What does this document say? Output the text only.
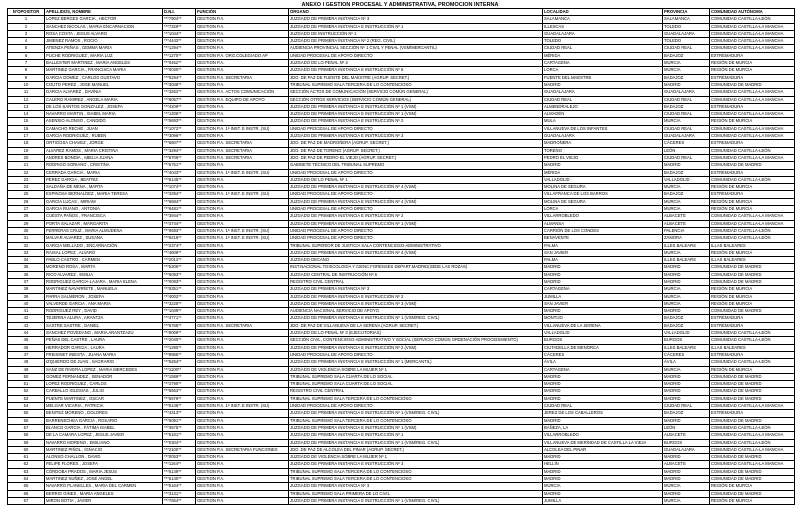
ANEXO I GESTION PROCESAL Y ADMINISTRATIVA, PROMOCION INTERNA
NºOPOSITOR	APELLIDOS, NOMBRE	D.N.I.	FUNCIÓN	ÓRGANO	LOCALIDAD	PROVINCIA	COMUNIDAD AUTÓNOMA
1	LOPEZ BERGES GARCIA , HECTOR	***7904**	GESTION P.A.	JUZGADO DE PRIMERA INSTANCIA Nº 3	SALAMANCA	SALAMANCA	COMUNIDAD CASTILLA-LEÓN
2	SANCHEZ NICOLAS , MARIA ENCARNACION	***7329**	GESTION P.A.	JUZGADO DE PRIMERA INSTANCIA E INSTRUCCIÓN Nº 1	ILLESCAS	TOLEDO	COMUNIDAD CASTILLA-LA MANCHA
3	ROSA COSTA , JESUS ALVARO	***1044**	GESTION P.A.	JUZGADO DE INSTRUCCIÓN Nº 1	GUADALAJARA	GUADALAJARA	COMUNIDAD CASTILLA-LA MANCHA
4	JIMENEZ RAMOS , ROCIO	***4443**	GESTION P.A.	JUZGADO DE PRIMERA INSTANCIA Nº 2 (REG. CIVIL)	TOLEDO	TOLEDO	COMUNIDAD CASTILLA-LA MANCHA
5	ATIENZA PEÑAS , GEMMA MARIA	***1294**	GESTION P.A.	AUDIENCIA PROVINCIAL SECCIÓN Nº 1 CIVIL Y PENAL (VSM/MERCANTIL)	CIUDAD REAL	CIUDAD REAL	COMUNIDAD CASTILLA-LA MANCHA
6	PUCHE RODRIGUEZ , MARIA LUZ	***1270**	GESTION P.A. ORG.COLEGIADO AP	UNIDAD PROCESAL DE APOYO DIRECTO	MÉRIDA	BADAJOZ	EXTREMADURA
7	BALLESTER MARTINEZ , MARIA ANGELES	***0452**	GESTION P.A.	JUZGADO DE LO PENAL Nº 3	CARTAGENA	MURCIA	REGIÓN DE MURCIA
8	MARTINEZ GARCIA , FRANCISCA MARIA	***0030**	GESTION P.A.	JUZGADO DE PRIMERA INSTANCIA E INSTRUCCIÓN Nº 6	LORCA	MURCIA	REGIÓN DE MURCIA
9	GARCIA GOMEZ , CARLOS GUSTAVO	***0294**	GESTION P.A. SECRETARIA	JDO. DE PAZ DE FUENTE DEL MAESTRE (AGRUP. SECRET.)	FUENTE DEL MAESTRE	BADAJOZ	EXTREMADURA
10	COUTO PEREZ , JOSE MANUEL	***3048**	GESTION P.A.	TRIBUNAL SUPREMO SALA TERCERA DE LO CONTENCIOSO	MADRID	MADRID	COMUNIDAD DE MADRID
11	GARCIA ALVAREZ , DAVINIA	***3262**	GESTION P.A. ACTOS COMUNICACIÓN	SECCIÓN ACTOS DE COMUNICACIÓN (SERVICIO COMÚN GENERAL)	GUADALAJARA	GUADALAJARA	COMUNIDAD CASTILLA-LA MANCHA
12	CALERO RAMIREZ , ANGELA MARIA	***6057**	GESTION P.A. EQUIPO DE APOYO	SECCIÓN OTROS SERVICIOS (SERVICIO COMÚN GENERAL)	CIUDAD REAL	CIUDAD REAL	COMUNIDAD CASTILLA-LA MANCHA
13	DE LOS SANTOS GONZALEZ , JOSEFA	***4209**	GESTION P.A.	JUZGADO DE PRIMERA INSTANCIA E INSTRUCCIÓN Nº 1 (VSM)	ALMENDRALEJO	BADAJOZ	EXTREMADURA
14	NAVARRO MARTIN , ISABEL MARIA	***1206**	GESTION P.A.	JUZGADO DE PRIMERA INSTANCIA E INSTRUCCIÓN Nº 1 (VSM)	ALMADÉN	CIUDAD REAL	COMUNIDAD CASTILLA-LA MANCHA
15	ASENSIO ALONSO , CANDIDO	***5693**	GESTION P.A.	JUZGADO DE PRIMERA INSTANCIA E INSTRUCCIÓN Nº 2	MULA	MURCIA	REGIÓN DE MURCIA
16	CAMACHO RECHE , JUAN	***1072**	GESTION P.A. 1ª INST. E INSTR. (SU)	UNIDAD PROCESAL DE APOYO DIRECTO	VILLANUEVA DE LOS INFANTES	CIUDAD REAL	COMUNIDAD CASTILLA-LA MANCHA
17	GARCIA RODRIGUEZ , RUBEN	***3096**	GESTION P.A.	JUZGADO DE PRIMERA INSTANCIA E INSTRUCCIÓN Nº 3	GUADALAJARA	GUADALAJARA	COMUNIDAD CASTILLA-LA MANCHA
18	ORTIGOSA CHAVEZ , JORGE	***6607**	GESTION P.A. SECRETARIA	JDO. DE PAZ DE MADROÑERA (AGRUP. SECRET.)	MADROÑERA	CÁCERES	EXTREMADURA
19	ALVAREZ RAMOS , MARIA CRISTINA	***3294**	GESTION P.A. SECRETARIA	JDO. DE PAZ DE TORENO (AGRUP. SECRET.)	TORENO	LEÓN	COMUNIDAD CASTILLA-LEÓN
20	ANDRES BONDIA , ABELIA JUANA	***6709**	GESTION P.A. SECRETARIA	JDO. DE PAZ DE PEDRO EL VIEJO (AGRUP. SECRET.)	PEDRO EL VIEJO	CIUDAD REAL	COMUNIDAD CASTILLA-LA MANCHA
21	RODRIGO SORIANO , CRISTINA	***6751**	GESTION P.A.	GABINETE TÉCNICO DEL TRIBUNAL SUPREMO	MADRID	MADRID	COMUNIDAD DE MADRID
22	CERRADA GARCIA , MARIA	***4043**	GESTION P.A. 1ª INST. E INSTR. (SU)	UNIDAD PROCESAL DE APOYO DIRECTO	MÉRIDA	BADAJOZ	EXTREMADURA
23	PEREZ GARCIA , BEATRIZ	***6145**	GESTION P.A.	JUZGADO DE LO PENAL Nº 1	VALLADOLID	VALLADOLID	COMUNIDAD CASTILLA-LEÓN
24	SALDAÑA DE MENA , MARTA	***1074**	GESTION P.A.	JUZGADO DE PRIMERA INSTANCIA E INSTRUCCIÓN Nº 4 (VSM)	MOLINA DE SEGURA	MURCIA	REGIÓN DE MURCIA
25	ESPINOSA BERNALDEZ , MARIA TERESA	***3394**	GESTION P.A. 1ª INST. E INSTR. (SU)	UNIDAD PROCESAL DE APOYO DIRECTO	VILLAFRANCA DE LOS BARROS	BADAJOZ	EXTREMADURA
26	GARCIA LUCAS , MIRIAM	***6684**	GESTION P.A.	JUZGADO DE PRIMERA INSTANCIA E INSTRUCCIÓN Nº 4 (VSM)	MOLINA DE SEGURA	MURCIA	REGIÓN DE MURCIA
27	GARCIA RUANO , ANTONIA	***6481**	GESTION P.A.	UNIDAD PROCESAL DE APOYO DIRECTO	LORCA	MURCIA	REGIÓN DE MURCIA
28	CUESTA PAÑOS , FRANCISCA	***3944**	GESTION P.A.	JUZGADO DE PRIMERA INSTANCIA E INSTRUCCIÓN Nº 2	VILLARROBLEDO	ALBACETE	COMUNIDAD CASTILLA-LA MANCHA
29	PORTA SALAZAR , MARGARITA	***3744**	GESTION P.A.	JUZGADO DE PRIMERA INSTANCIA E INSTRUCCIÓN Nº 1 (VSM)	ALMANSA	ALBACETE	COMUNIDAD CASTILLA-LA MANCHA
30	FERRERAS CRUZ , MARIA ALMUDENA	***0693**	GESTION P.A. 1ª INST. E INSTR. (SU)	UNIDAD PROCESAL DE APOYO DIRECTO	CARRIÓN DE LOS CONDES	PALENCIA	COMUNIDAD CASTILLA-LEÓN
31	MALVAR ALVAREZ , SUSANA	***6219**	GESTION P.A. 1ª INST. E INSTR. (SU)	UNIDAD PROCESAL DE APOYO DIRECTO	BENAVENTE	ZAMORA	COMUNIDAD CASTILLA-LEÓN
32	GARCIA MELLADO , ENCARNACIÓN	***2374**	GESTION P.A.	TRIBUNAL SUPERIOR DE JUSTICIA SALA CONTENCIOSO-ADMINISTRATIVO	PALMA	ILLES BALEARS	ILLAS BALEARES
33	RAISAL LOPEZ , ALVARO	***4609**	GESTION P.A.	JUZGADO DE PRIMERA INSTANCIA E INSTRUCCIÓN Nº 4 (VSM)	SAN JAVIER	MURCIA	REGIÓN DE MURCIA
34	PABLO CASTRO , CARMEN	***2012**	GESTION P.A.	JUZGADO DECANO	PALMA	ILLES BALEARS	ILLAS BALEARES
35	MORENO ROSA , MARTA	***5306**	GESTION P.A.	INST.NACIONAL TOXICOLOGÍA Y CIENC.FORENSES DEPART.MADRID(SEDE LAS ROZAS)	MADRID	MADRID	COMUNIDAD DE MADRID
36	RICO ALVAREZ , EMILIA	***5093**	GESTION P.A.	JUZGADO CENTRAL DE INSTRUCCIÓN Nº 6	MADRID	MADRID	COMUNIDAD DE MADRID
37	RODRIGUEZ GARCIA-LAJARA , MARIA ELENA	***0083**	GESTION P.A.	REGISTRO CIVIL CENTRAL	MADRID	MADRID	COMUNIDAD DE MADRID
38	MARTINEZ NAVARRETE , MANUELA	***5351**	GESTION P.A.	JUZGADO DE PRIMERA INSTANCIA Nº 3	CARTAGENA	MURCIA	REGIÓN DE MURCIA
39	PARRA SALMERON , JOSEFA	***4002**	GESTION P.A.	JUZGADO DE PRIMERA INSTANCIA E INSTRUCCIÓN Nº 2	JUMILLA	MURCIA	REGIÓN DE MURCIA
40	VALVERDE GARCIA , ANA MARIA	***3220**	GESTION P.A.	JUZGADO DE PRIMERA INSTANCIA E INSTRUCCIÓN Nº 3 (VSM)	SAN JAVIER	MURCIA	REGIÓN DE MURCIA
41	RODRIGUEZ REY , DAVID	***1049**	GESTION P.A.	AUDIENCIA NACIONAL SERVICIO DE APOYO	MADRID	MADRID	COMUNIDAD DE MADRID
42	TEJERINA ALURA , ARANTZA	***4771**	GESTION P.A.	JUZGADO DE PRIMERA INSTANCIA E INSTRUCCIÓN Nº 1 (VSM/REG. CIVIL)	MONTIJO	BADAJOZ	EXTREMADURA
43	SASTRE SASTRE , DANIEL	***6765**	GESTION P.A. SECRETARIA	JDO. DE PAZ DE VILLANUEVA DE LA SERENA (AGRUP. SECRET.)	VILLANUEVA DE LA SERENA	BADAJOZ	EXTREMADURA
44	SANCHEZ POVEDANO , MARIA ARANTZAZU	***9009**	GESTION P.A.	JUZGADO DE LO PENAL Nº 3 (EJECUTORIAS)	VALLADOLID	VALLADOLID	COMUNIDAD CASTILLA-LEÓN
45	PEÑAS DEL CASTRE , LAURA	***2040**	GESTION P.A.	SECCIÓN CIVIL, CONTENCIOSO-ADMINISTRATIVO Y SOCIAL (SERVICIO COMÚN ORDENACIÓN PROCEDIMIENTO)	BURGOS	BURGOS	COMUNIDAD CASTILLA-LEÓN
46	HERRADOR GARCIA , LAURA	***1290**	GESTION P.A.	JUZGADO DE PRIMERA INSTANCIA E INSTRUCCIÓN Nº 2 (VSM)	CIUTADELLA DE MENORCA	ILLES BALEARS	ILLAS BALEARES
47	FREIXINET INIESTA , JUANA MARIA	***9965**	GESTION P.A.	UNIDAD PROCESAL DE APOYO DIRECTO	CÁCERES	CÁCERES	EXTREMADURA
48	IZQUIERDO DE JUAN , SAGRARIO	***5264**	GESTION P.A.	JUZGADO DE PRIMERA INSTANCIA E INSTRUCCIÓN Nº 1 (MERCANTIL)	ÁVILA	ÁVILA	COMUNIDAD CASTILLA-LEÓN
49	SANZ DE RIVERA LOPEZ , MARIA MERCEDES	***1100**	GESTION P.A.	JUZGADO DE VIOLENCIA SOBRE LA MUJER Nº 1	CARTAGENA	MURCIA	REGIÓN DE MURCIA
50	GOMEZ FERNANDEZ , SENADOR	***1589**	GESTION P.A.	TRIBUNAL SUPREMO SALA CUARTA DE LO SOCIAL	MADRID	MADRID	COMUNIDAD DE MADRID
51	LOPEZ RODRIGUEZ , CARLOS	***2790**	GESTION P.A.	TRIBUNAL SUPREMO SALA CUARTA DE LO SOCIAL	MADRID	MADRID	COMUNIDAD DE MADRID
52	CARBALLO IGLESIAS , JULIO	***5663**	GESTION P.A.	REGISTRO CIVIL CENTRAL	MADRID	MADRID	COMUNIDAD DE MADRID
53	PUENTE MARTINEZ , OSCAR	***6979**	GESTION P.A.	TRIBUNAL SUPREMO SALA TERCERA DE LO CONTENCIOSO	MADRID	MADRID	COMUNIDAD DE MADRID
54	MELGAR VICARIA , PATRICIA	***5146**	GESTION P.A. 1ª INST. E INSTR. (SU)	UNIDAD PROCESAL DE APOYO DIRECTO	CIUDAD REAL	CIUDAD REAL	COMUNIDAD CASTILLA-LA MANCHA
55	BENITEZ MORENO , DOLORES	***4313**	GESTION P.A.	JUZGADO DE PRIMERA INSTANCIA E INSTRUCCIÓN Nº 1 (VSM/REG. CIVIL)	JEREZ DE LOS CABALLEROS	BADAJOZ	EXTREMADURA
56	BARRENECHEA GARCIA , ROSARIO	***5091**	GESTION P.A.	TRIBUNAL SUPREMO SALA TERCERA DE LO CONTENCIOSO	MADRID	MADRID	COMUNIDAD DE MADRID
57	BLANCO GARCIA , FÁTIMA ISABEL	***3575**	GESTION P.A.	JUZGADO DE PRIMERA INSTANCIA E INSTRUCCIÓN Nº 1 (VSM)	BAÑEZA, LA	LEÓN	COMUNIDAD CASTILLA-LEÓN
58	DE LA CAMARA LOPEZ , JESUS JAVIER	***5161**	GESTION P.A.	JUZGADO DE PRIMERA INSTANCIA E INSTRUCCIÓN Nº 1	VILLARROBLEDO	ALBACETE	COMUNIDAD CASTILLA-LA MANCHA
59	NAVARRO MORENO , EMILIANO	***0304**	GESTION P.A.	JUZGADO DE PRIMERA INSTANCIA E INSTRUCCIÓN Nº 1 (VSM/REG. CIVIL)	VILLANUEVA DE MERINDAD DE CASTILLA LA VIEJA	BURGOS	COMUNIDAD CASTILLA-LEÓN
60	MARTINEZ PIÑOL , IGNACIO	***2100**	GESTION P.A. SECRETARIA FUNCIONES	JDO. DE PAZ DE ALCOLEA DEL PINAR (AGRUP. SECRET.)	ALCOLEA DEL PINAR	GUADALAJARA	COMUNIDAD CASTILLA-LA MANCHA
61	ALONSO CHALLON , DAVID	***0053**	GESTION P.A.	JUZGADO DE VIOLENCIA SOBRE LA MUJER Nº 1	MADRID	MADRID	COMUNIDAD DE MADRID
62	FELIPE FLORES , JOSEFA	***1164**	GESTION P.A.	JUZGADO DE PRIMERA INSTANCIA E INSTRUCCIÓN Nº 3	HELLÍN	ALBACETE	COMUNIDAD CASTILLA-LA MANCHA
63	CÓRDOBA PRADOS , MARIA JESUS	***5149**	GESTION P.A.	TRIBUNAL SUPREMO SALA TERCERA DE LO CONTENCIOSO	MADRID	MADRID	COMUNIDAD DE MADRID
64	MARTINEZ NUÑEZ , JOSE ANGEL	***5140**	GESTION P.A.	TRIBUNAL SUPREMO SALA TERCERA DE LO CONTENCIOSO	MADRID	MADRID	COMUNIDAD DE MADRID
65	NAVARRO PLANELLES , MARIA DEL CARMEN	***5164**	GESTION P.A.	JUZGADO DE PRIMERA INSTANCIA Nº 3	MURCIA	MURCIA	REGIÓN DE MURCIA
66	BERRIO GINES , MARIA ANGELES	***3131**	GESTION P.A.	TRIBUNAL SUPREMO SALA PRIMERA DE LO CIVIL	MADRID	MADRID	COMUNIDAD DE MADRID
67	MIRON BOTIA , JAVIER	***7654**	GESTION P.A.	JUZGADO DE PRIMERA INSTANCIA E INSTRUCCIÓN Nº 1 (VSM/REG. CIVIL)	JUMILLA	MURCIA	REGIÓN DE MURCIA
